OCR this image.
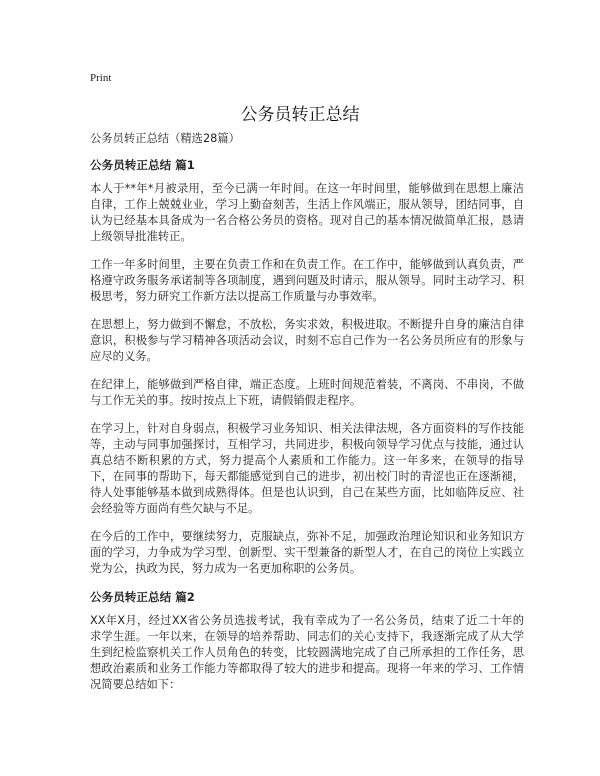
Print
公务员转正总结

公务员转正总结（精选28篇）

公务员转正总结 篇1

本人于**年*月被录用，至今已满一年时间。在这一年时间里，能够做到在思想上廉洁自律，工作上兢兢业业，学习上勤奋刻苦，生活上作风端正，服从领导，团结同事，自认为已经基本具备成为一名合格公务员的资格。现对自己的基本情况做简单汇报，恳请上级领导批准转正。

工作一年多时间里，主要在负责工作和在负责工作。在工作中，能够做到认真负责，严格遵守政务服务承诺制等各项制度，遇到问题及时请示，服从领导。同时主动学习、积极思考，努力研究工作新方法以提高工作质量与办事效率。

在思想上，努力做到不懈怠，不放松，务实求效，积极进取。不断提升自身的廉洁自律意识，积极参与学习精神各项活动会议，时刻不忘自己作为一名公务员所应有的形象与应尽的义务。

在纪律上，能够做到严格自律，端正态度。上班时间规范着装，不离岗、不串岗，不做与工作无关的事。按时按点上下班，请假销假走程序。

在学习上，针对自身弱点，积极学习业务知识、相关法律法规，各方面资料的写作技能等，主动与同事加强探讨，互相学习，共同进步，积极向领导学习优点与技能，通过认真总结不断积累的方式，努力提高个人素质和工作能力。这一年多来，在领导的指导下，在同事的帮助下，每天都能感觉到自己的进步，初出校门时的青涩也正在逐渐褪，待人处事能够基本做到成熟得体。但是也认识到，自己在某些方面，比如临阵反应、社会经验等方面尚有些欠缺与不足。

在今后的工作中，要继续努力，克服缺点，弥补不足，加强政治理论知识和业务知识方面的学习，力争成为学习型、创新型、实干型兼备的新型人才，在自己的岗位上实践立党为公，执政为民，努力成为一名更加称职的公务员。

公务员转正总结 篇2

XX年X月，经过XX省公务员选拔考试，我有幸成为了一名公务员，结束了近二十年的求学生涯。一年以来，在领导的培养帮助、同志们的关心支持下，我逐渐完成了从大学生到纪检监察机关工作人员角色的转变，比较圆满地完成了自己所承担的工作任务，思想政治素质和业务工作能力等都取得了较大的进步和提高。现将一年来的学习、工作情况简要总结如下：
